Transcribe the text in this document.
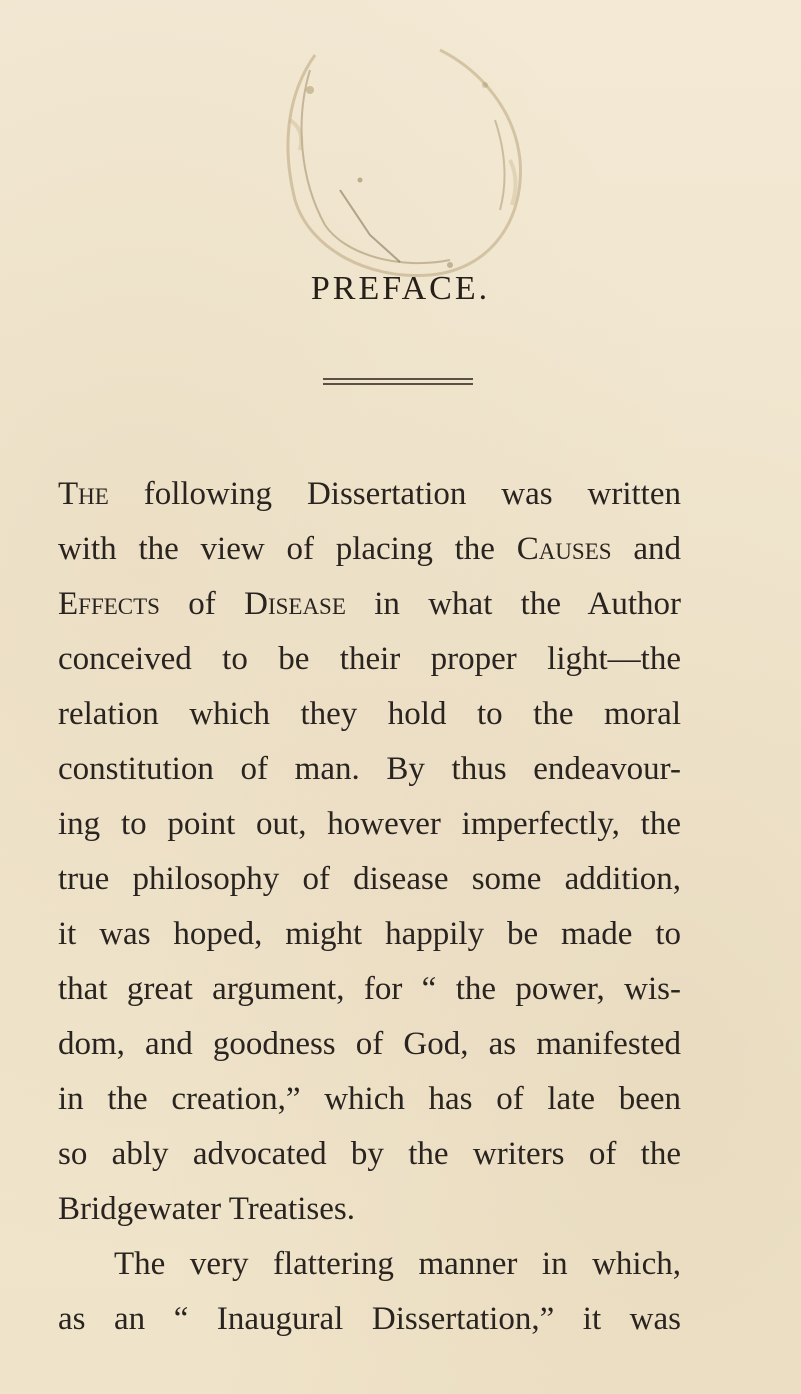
PREFACE.
The following Dissertation was written
with the view of placing the Causes and
Effects of Disease in what the Author
conceived to be their proper light—the
relation which they hold to the moral
constitution of man. By thus endeavour-
ing to point out, however imperfectly, the
true philosophy of disease some addition,
it was hoped, might happily be made to
that great argument, for “ the power, wis-
dom, and goodness of God, as manifested
in the creation,” which has of late been
so ably advocated by the writers of the
Bridgewater Treatises.
The very flattering manner in which,
as an “ Inaugural Dissertation,” it was
